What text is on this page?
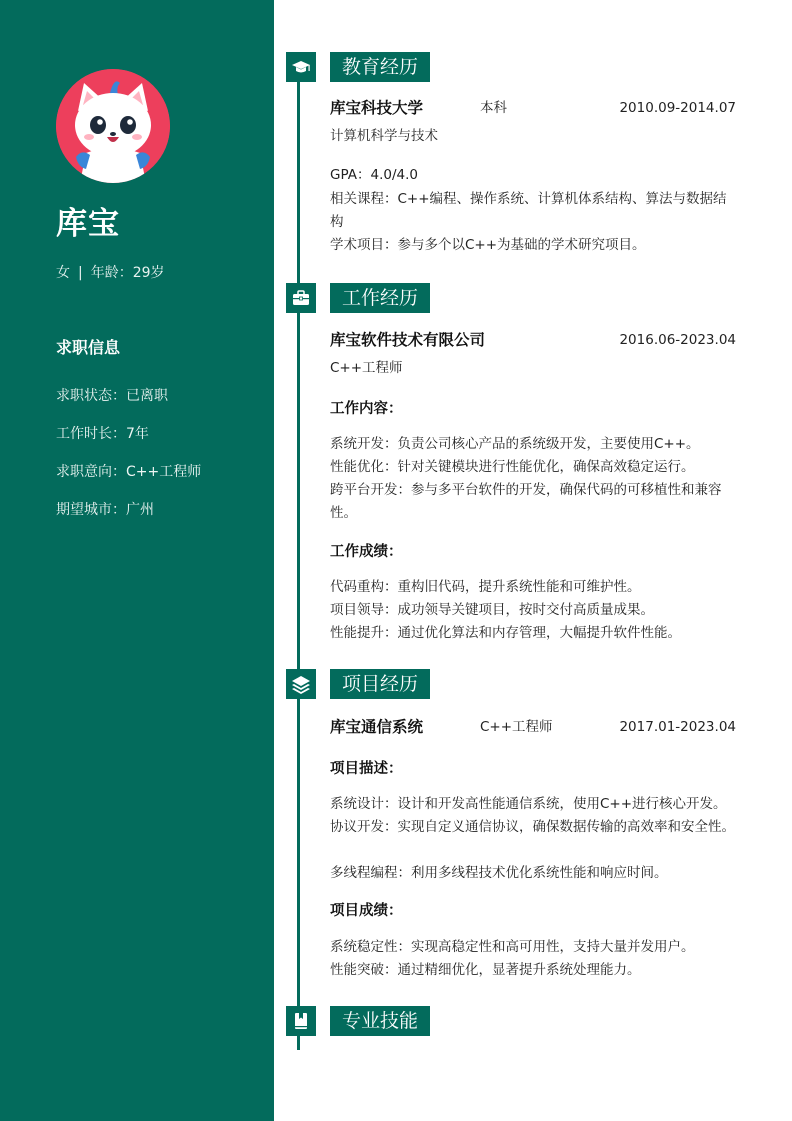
库宝
女 | 年龄：29岁
求职信息
求职状态：已离职
工作时长：7年
求职意向：C++工程师
期望城市：广州
教育经历
库宝科技大学	本科	2010.09-2014.07
计算机科学与技术
GPA：4.0/4.0
相关课程：C++编程、操作系统、计算机体系结构、算法与数据结构
学术项目：参与多个以C++为基础的学术研究项目。
工作经历
库宝软件技术有限公司	2016.06-2023.04
C++工程师
工作内容：
系统开发：负责公司核心产品的系统级开发，主要使用C++。
性能优化：针对关键模块进行性能优化，确保高效稳定运行。
跨平台开发：参与多平台软件的开发，确保代码的可移植性和兼容性。
工作成绩：
代码重构：重构旧代码，提升系统性能和可维护性。
项目领导：成功领导关键项目，按时交付高质量成果。
性能提升：通过优化算法和内存管理，大幅提升软件性能。
项目经历
库宝通信系统	C++工程师	2017.01-2023.04
项目描述：
系统设计：设计和开发高性能通信系统，使用C++进行核心开发。
协议开发：实现自定义通信协议，确保数据传输的高效率和安全性。
多线程编程：利用多线程技术优化系统性能和响应时间。
项目成绩：
系统稳定性：实现高稳定性和高可用性，支持大量并发用户。
性能突破：通过精细优化，显著提升系统处理能力。
专业技能
